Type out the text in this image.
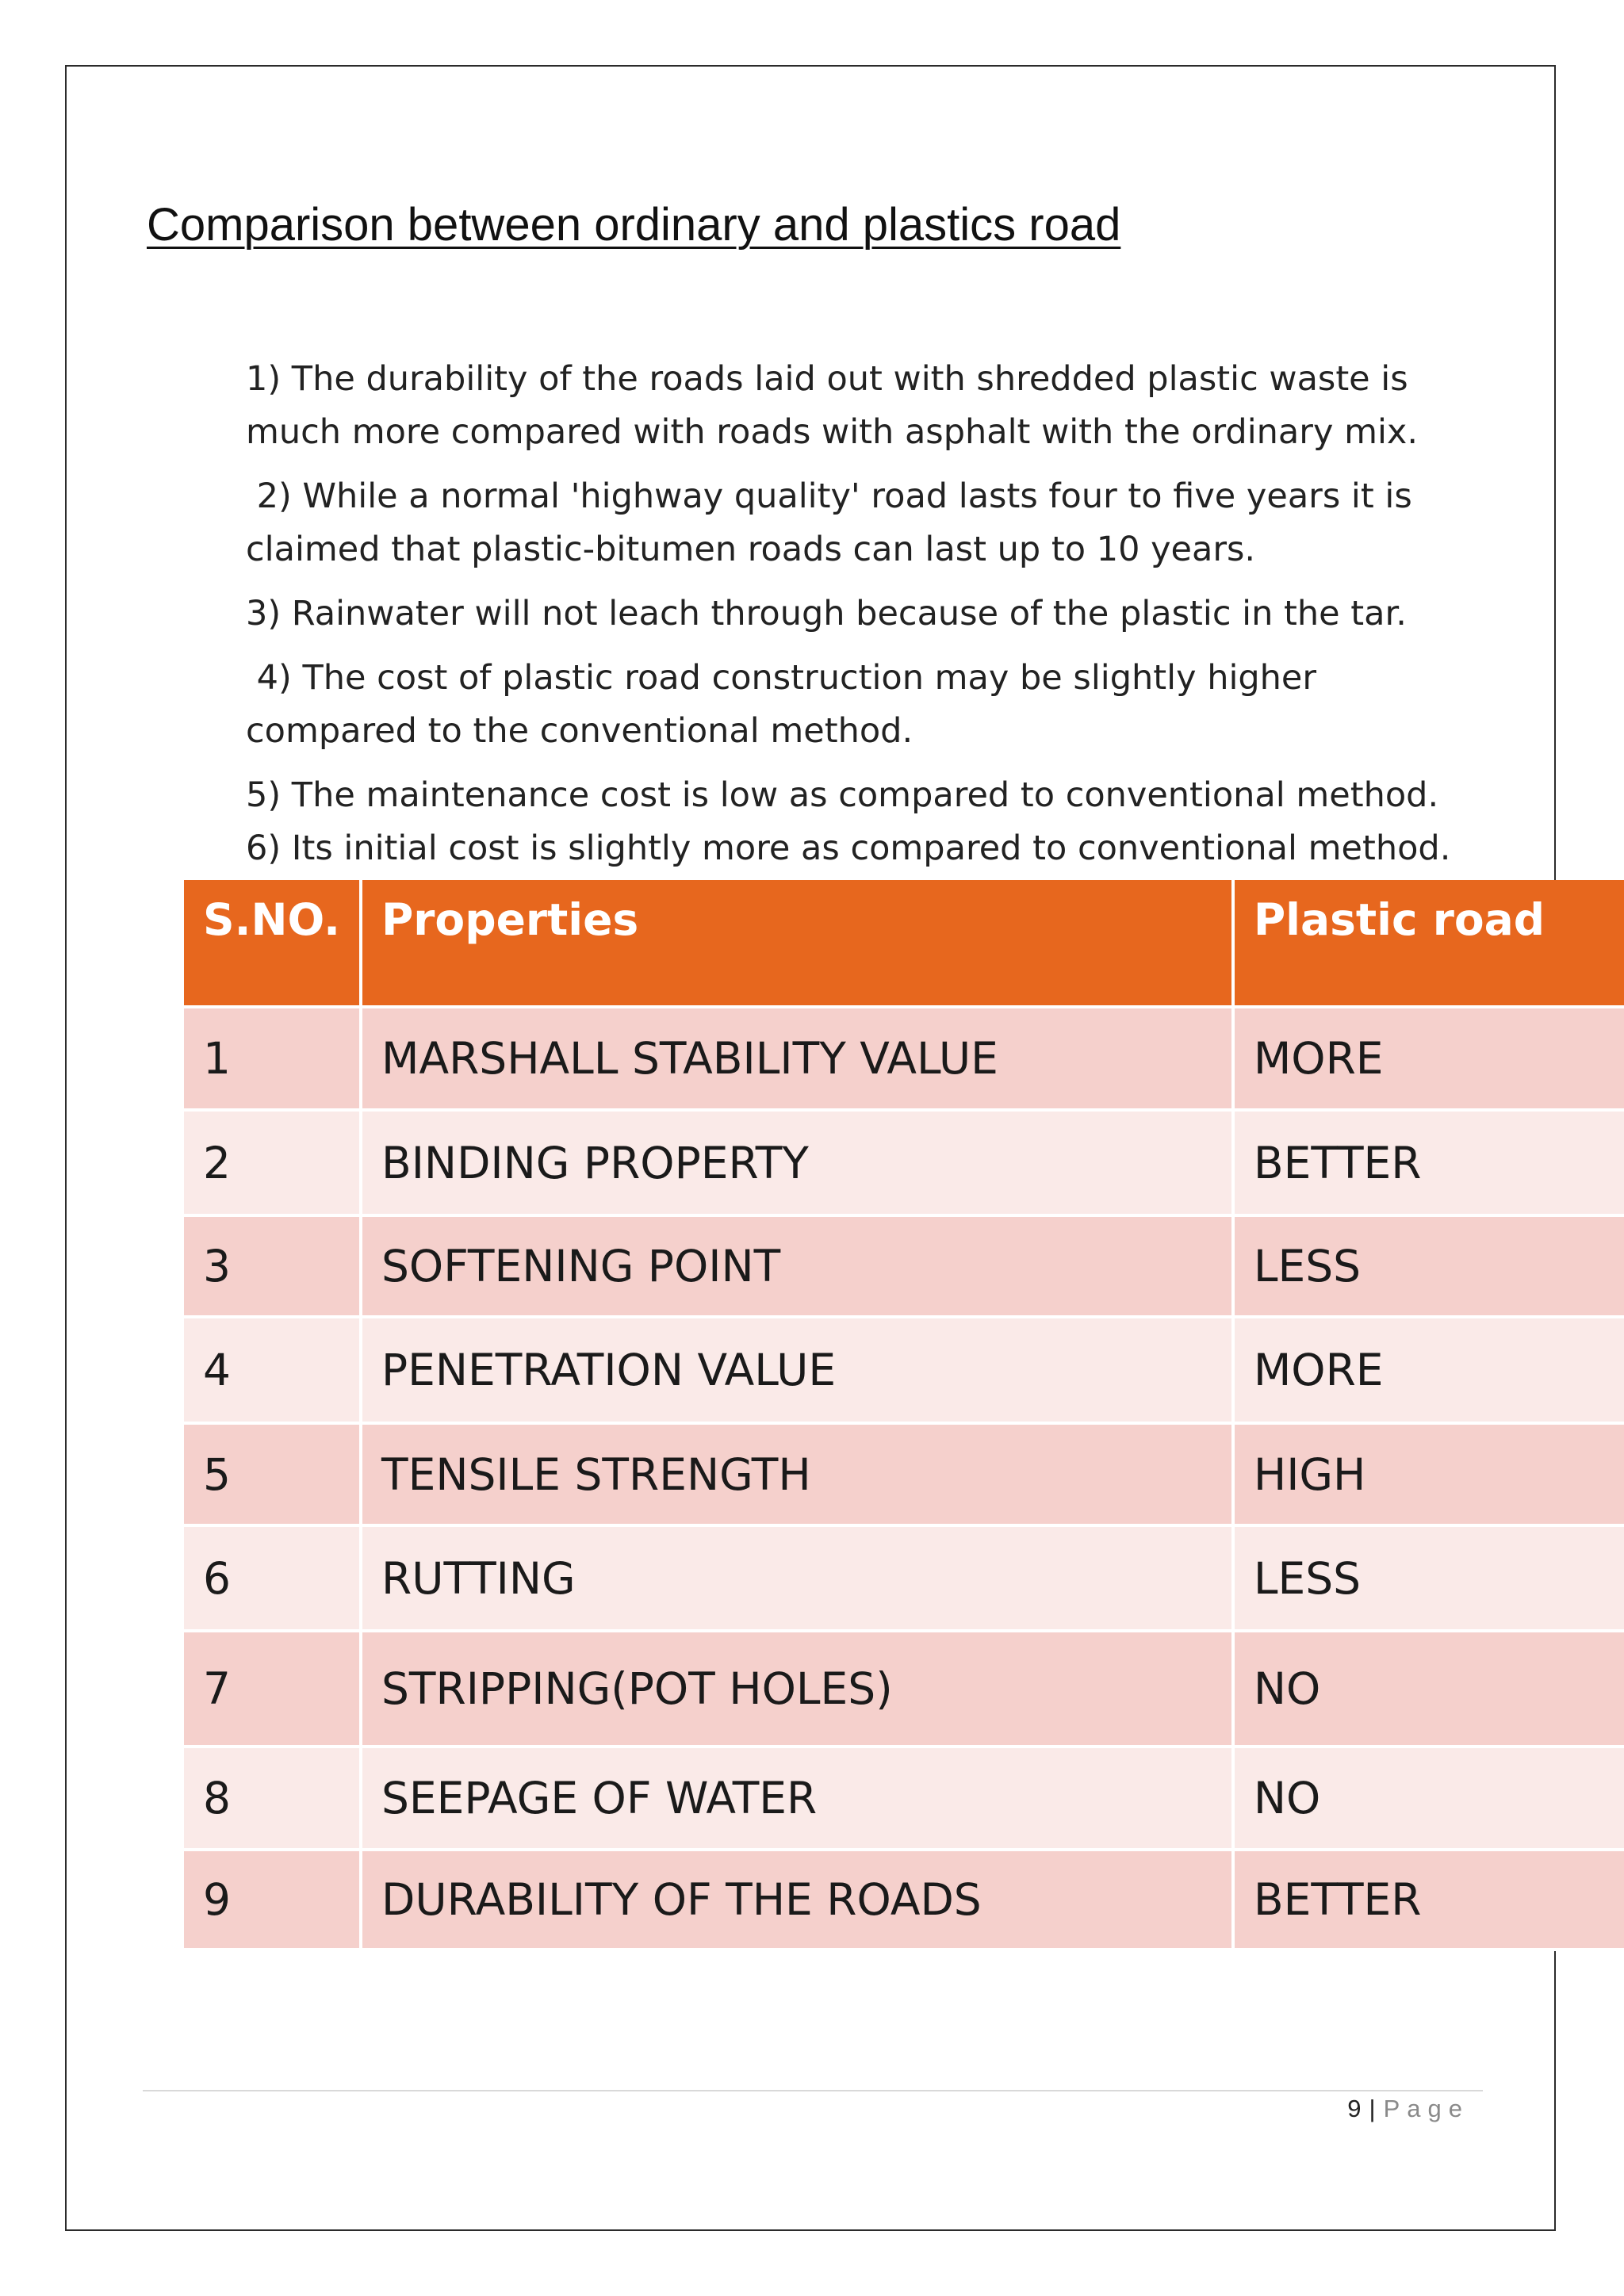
Comparison between ordinary and plastics road
1) The durability of the roads laid out with shredded plastic waste is
much more compared with roads with asphalt with the ordinary mix.
2) While a normal 'highway quality' road lasts four to five years it is
claimed that plastic-bitumen roads can last up to 10 years.
3) Rainwater will not leach through because of the plastic in the tar.
4) The cost of plastic road construction may be slightly higher
compared to the conventional method.
5) The maintenance cost is low as compared to conventional method.
6) Its initial cost is slightly more as compared to conventional method.
S.NO.	Properties	Plastic road
1	MARSHALL STABILITY VALUE	MORE
2	BINDING PROPERTY	BETTER
3	SOFTENING POINT	LESS
4	PENETRATION VALUE	MORE
5	TENSILE STRENGTH	HIGH
6	RUTTING	LESS
7	STRIPPING(POT HOLES)	NO
8	SEEPAGE OF WATER	NO
9	DURABILITY OF THE ROADS	BETTER
9 | Page
